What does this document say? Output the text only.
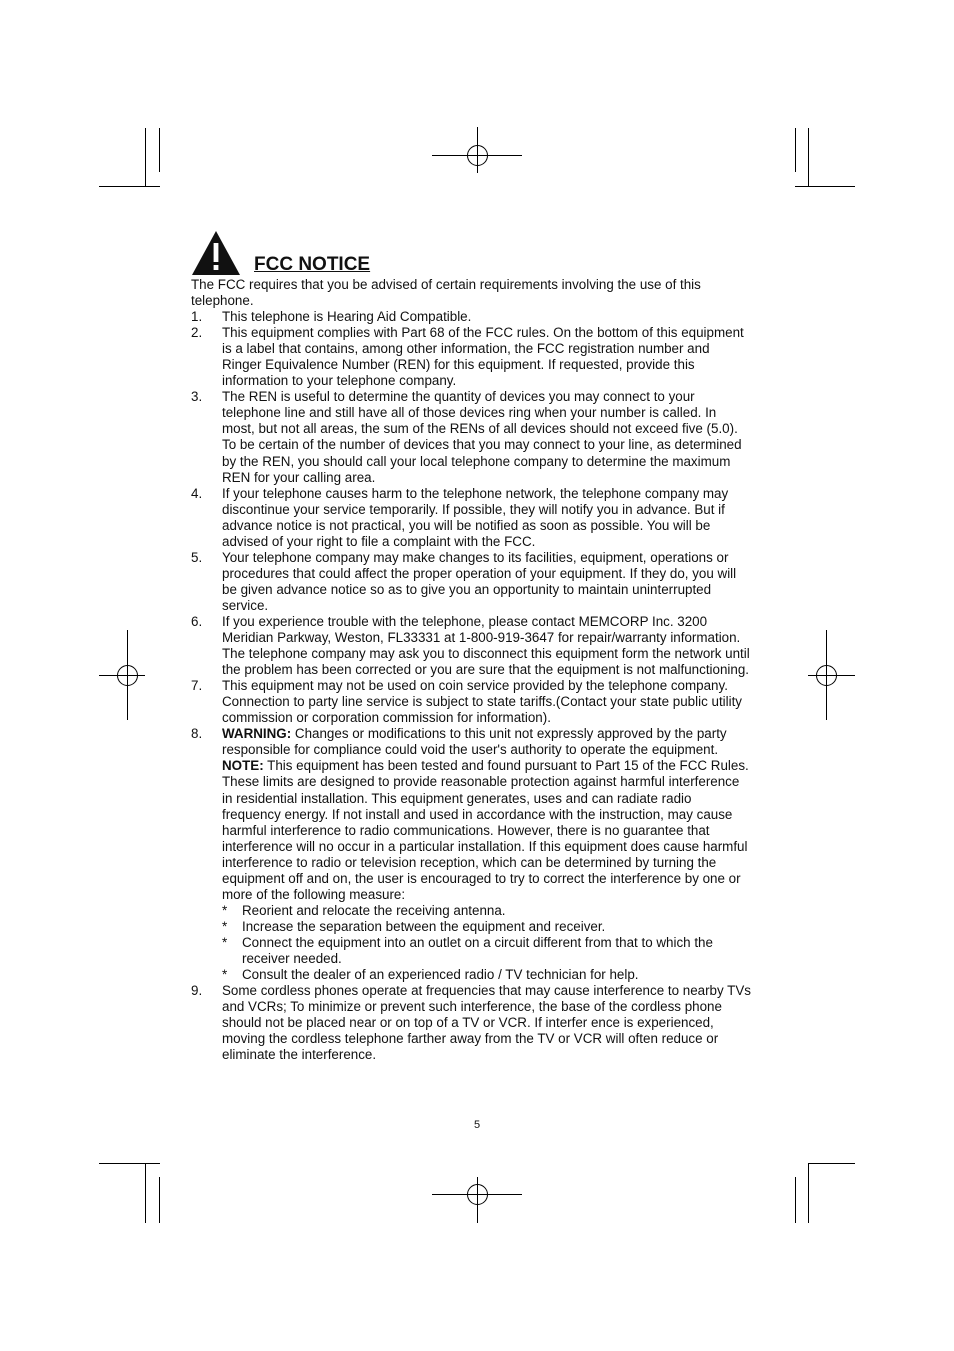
FCC NOTICE

The FCC requires that you be advised of certain requirements involving the use of this telephone.

1.	This telephone is Hearing Aid Compatible.
2.	This equipment complies with Part 68 of the FCC rules. On the bottom of this equipment is a label that contains, among other information, the FCC registration number and Ringer Equivalence Number (REN) for this equipment. If requested, provide this information to your telephone company.
3.	The REN is useful to determine the quantity of devices you may connect to your telephone line and still have all of those devices ring when your number is called. In most, but not all areas, the sum of the RENs of all devices should not exceed five (5.0). To be certain of the number of devices that you may connect to your line, as determined by the REN, you should call your local telephone company to determine the maximum REN for your calling area.
4.	If your telephone causes harm to the telephone network, the telephone company may discontinue your service temporarily. If possible, they will notify you in advance. But if advance notice is not practical, you will be notified as soon as possible. You will be advised of your right to file a complaint with the FCC.
5.	Your telephone company may make changes to its facilities, equipment, operations or procedures that could affect the proper operation of your equipment. If they do, you will be given advance notice so as to give you an opportunity to maintain uninterrupted service.
6.	If you experience trouble with the telephone, please contact MEMCORP Inc. 3200 Meridian Parkway, Weston, FL33331 at 1-800-919-3647 for repair/warranty information. The telephone company may ask you to disconnect this equipment form the network until the problem has been corrected or you are sure that the equipment is not malfunctioning.
7.	This equipment may not be used on coin service provided by the telephone company. Connection to party line service is subject to state tariffs.(Contact your state public utility commission or corporation commission for information).
8.	WARNING: Changes or modifications to this unit not expressly approved by the party responsible for compliance could void the user's authority to operate the equipment.

NOTE: This equipment has been tested and found pursuant to Part 15 of the FCC Rules. These limits are designed to provide reasonable protection against harmful interference in residential installation. This equipment generates, uses and can radiate radio frequency energy. If not install and used in accordance with the instruction, may cause harmful interference to radio communications. However, there is no guarantee that interference will no occur in a particular installation. If this equipment does cause harmful interference to radio or television reception, which can be determined by turning the equipment off and on, the user is encouraged to try to correct the interference by one or more of the following measure:

*	Reorient and relocate the receiving antenna.
*	Increase the separation between the equipment and receiver.
*	Connect the equipment into an outlet on a circuit different from that to which the receiver needed.
*	Consult the dealer of an experienced radio / TV technician for help.
9.	Some cordless phones operate at frequencies that may cause interference to nearby TVs and VCRs; To minimize or prevent such interference, the base of the cordless phone should not be placed near or on top of a TV or VCR. If interfer ence is experienced, moving the cordless telephone farther away from the TV or VCR will often reduce or eliminate the interference.
5
